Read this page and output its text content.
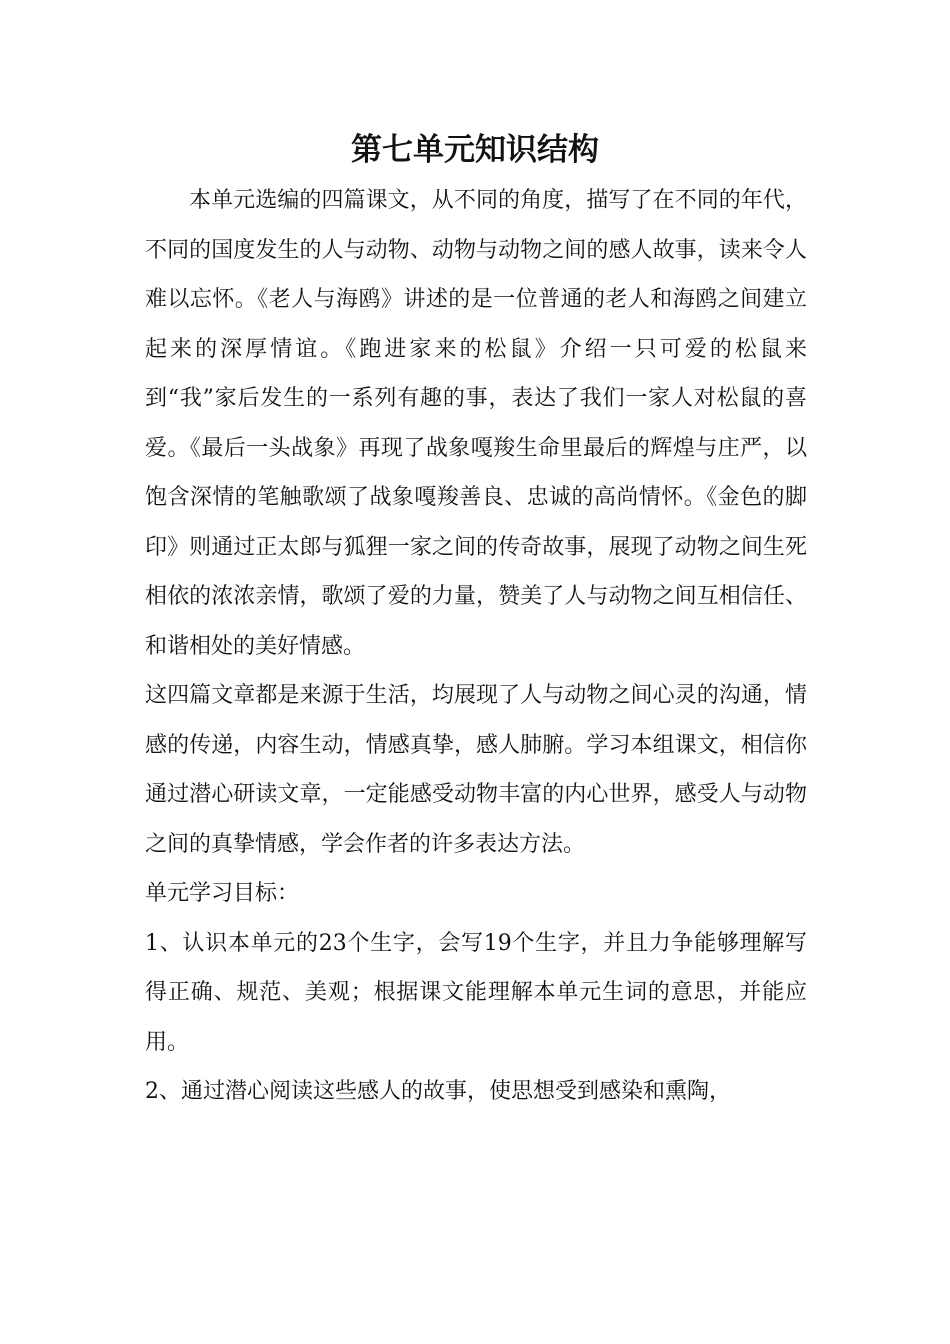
第七单元知识结构

本单元选编的四篇课文，从不同的角度，描写了在不同的年代，不同的国度发生的人与动物、动物与动物之间的感人故事，读来令人难以忘怀。《老人与海鸥》讲述的是一位普通的老人和海鸥之间建立起来的深厚情谊。《跑进家来的松鼠》介绍一只可爱的松鼠来到“我”家后发生的一系列有趣的事，表达了我们一家人对松鼠的喜爱。《最后一头战象》再现了战象嘎羧生命里最后的辉煌与庄严，以饱含深情的笔触歌颂了战象嘎羧善良、忠诚的高尚情怀。《金色的脚印》则通过正太郎与狐狸一家之间的传奇故事，展现了动物之间生死相依的浓浓亲情，歌颂了爱的力量，赞美了人与动物之间互相信任、和谐相处的美好情感。

这四篇文章都是来源于生活，均展现了人与动物之间心灵的沟通，情感的传递，内容生动，情感真挚，感人肺腑。学习本组课文，相信你通过潜心研读文章，一定能感受动物丰富的内心世界，感受人与动物之间的真挚情感，学会作者的许多表达方法。

单元学习目标：

1、认识本单元的23个生字，会写19个生字，并且力争能够理解写得正确、规范、美观；根据课文能理解本单元生词的意思，并能应用。

2、通过潜心阅读这些感人的故事，使思想受到感染和熏陶，
